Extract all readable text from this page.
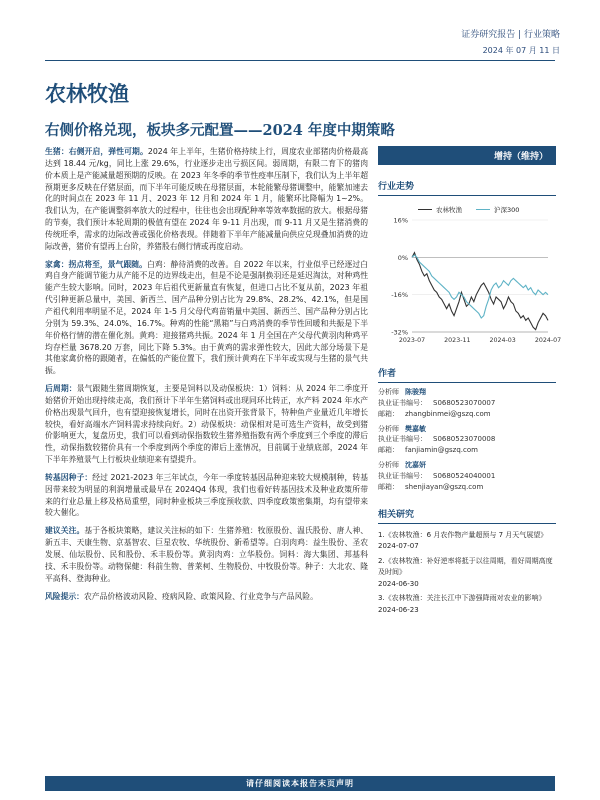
证券研究报告 | 行业策略
2024 年 07 月 11 日
农林牧渔
右侧价格兑现，板块多元配置——2024 年度中期策略

生猪：右侧开启，弹性可期。2024 年上半年，生猪价格持续上行，周度农业部猪肉价格最高达到 18.44 元/kg，同比上涨 29.6%，行业逐步走出亏损区间。弱周期，有限二育下的猪肉价本质上是产能减量超预期的反映。在 2023 年冬季的季节性疫率压制下，我们认为上半年超预期更多反映在仔猪层面，而下半年可能反映在母猪层面，本轮能繁母猪调整中，能繁加速去化的时间点在 2023 年 11 月、2023 年 12 月和 2024 年 1 月，能繁环比降幅为 1~2%。我们认为，在产能调整斜率放大的过程中，往往也会出现配种率等效率数据的放大。根据母猪的节奏，我们预计本轮周期的极值有望在 2024 年 9-11 月出现，而 9-11 月又是生猪消费的传统旺季，需求的边际改善或强化价格表现。伴随着下半年产能减量向供应兑现叠加消费的边际改善，猪价有望再上台阶，养猪股右侧行情或再度启动。

家禽：拐点将至，景气跟随。白鸡：静待消费的改善。自 2022 年以来，行业似乎已经逐过白鸡自身产能调节能力从产能不足的边界线走出，但是不论是强制换羽还是延迟淘汰，对种鸡性能产生较大影响。同时，2023 年后祖代更新量直有恢复，但进口占比不复从前，2023 年祖代引种更新总量中，美国、新西兰、国产品种分别占比为 29.8%、28.2%、42.1%，但是国产祖代利用率明显不足，2024 年 1-5 月父母代鸡苗销量中美国、新西兰、国产品种分别占比分别为 59.3%、24.0%、16.7%。种鸡的性能“黑箱”与白鸡消费的季节性回暖和共振是下半年价格行情的潜在催化剂。黄鸡：迎接猪鸡共振。2024 年 1 月全国在产父母代黄羽肉种鸡平均存栏量 3678.20 万套，同比下降 5.3%。由于黄鸡的需求弹性较大，因此大部分场景下是其他家禽价格的跟随者，在偏低的产能位置下，我们预计黄鸡在下半年或实现与生猪的景气共振。

后周期：景气跟随生猪周期恢复，主要是饲料以及动保板块：1）饲料：从 2024 年二季度开始猪价开始出现持续走高，我们预计下半年生猪饲料或出现同环比转正，水产料 2024 年水产价格出现景气回升，也有望迎接恢复增长，同时在出资开张背景下，特种鱼产业量近几年增长较快，看好高端水产饲料需求持续向好。2）动保板块：动保相对是可选生产资料，故受到猪价影响更大，复盘历史，我们可以看到动保指数较生猪养殖指数有两个季度到三个季度的滞后性，动保指数较猪价具有一个季度到两个季度的滞后上涨情况，目前属于业绩底部，2024 年下半年养殖景气上行板块业绩迎来有望提升。

转基因种子：经过 2021-2023 年三年试点，今年一季度转基因品种迎来较大规模制种，转基因带来较为明显的利润增量或最早在 2024Q4 体现，我们也看好转基因技术及种业政策所带来的行业总量上移及格局重塑，同时种业板块三季度预收款、四季度政策密集期，均有望带来较大催化。

建议关注。基于各板块策略，建议关注标的如下：生猪养殖：牧原股份、温氏股份、唐人神、新五丰、天康生物、京基智农、巨星农牧、华统股份、新希望等。白羽肉鸡：益生股份、圣农发展、仙坛股份、民和股份、禾丰股份等。黄羽肉鸡：立华股份。饲料：海大集团、邦基科技、禾丰股份等。动物保健：科前生物、普莱柯、生物股份、中牧股份等。种子：大北农、隆平高科、登海种业。

风险提示：农产品价格波动风险、疫病风险、政策风险、行业竞争与产品风险。

增持（维持）
行业走势
农林牧渔	沪深300
16%
0%
-16%
-32%
2023-07	2023-11	2024-03	2024-07
作者
分析师 陈骏翔
执业证书编号： S0680523070007
邮箱： zhangbinmei@gszq.com
分析师 樊嘉敏
执业证书编号： S0680523070008
邮箱： fanjiamin@gszq.com
分析师 沈嘉妍
执业证书编号： S0680524040001
邮箱： shenjiayan@gszq.com
相关研究
1.《农林牧渔：6 月农作物产量超预与 7 月天气展望》
2024-07-07
2.《农林牧渔：补好逆率将抵于以往周期，看好周期高度及时间》
2024-06-30
3.《农林牧渔：关注长江中下游强降雨对农业的影响》
2024-06-23
请仔细阅读本报告末页声明
